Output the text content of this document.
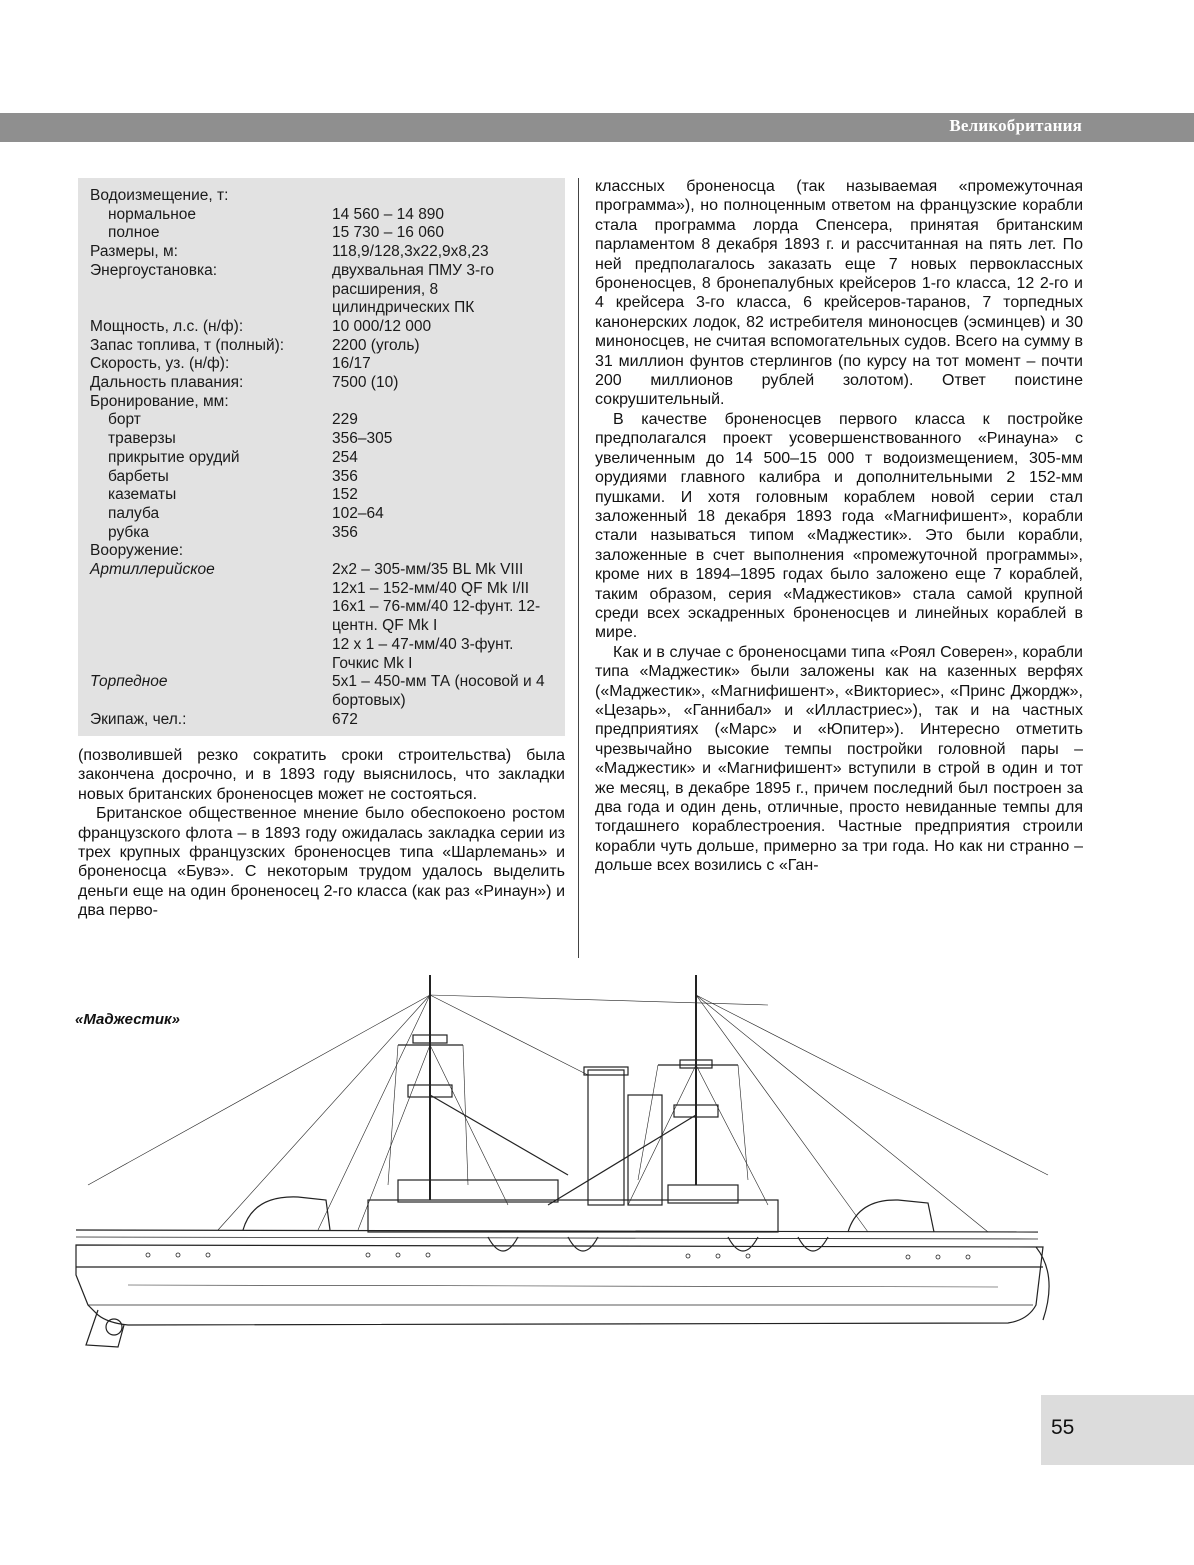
Великобритания
Водоизмещение, т:	
нормальное	14 560 – 14 890
полное	15 730 – 16 060
Размеры, м:	118,9/128,3х22,9х8,23
Энергоустановка:	двухвальная ПМУ 3-го
	расширения, 8
	цилиндрических ПК
Мощность, л.с. (н/ф):	10 000/12 000
Запас топлива, т (полный):	2200 (уголь)
Скорость, уз. (н/ф):	16/17
Дальность плавания:	7500 (10)
Бронирование, мм:	
борт	229
траверзы	356–305
прикрытие орудий	254
барбеты	356
казематы	152
палуба	102–64
рубка	356
Вооружение:	
Артиллерийское	2х2 – 305-мм/35 BL Mk VIII
	12х1 – 152-мм/40 QF Mk I/II
	16х1 – 76-мм/40 12-фунт. 12-
	центн. QF Mk I
	12 х 1 – 47-мм/40 3-фунт.
	Гочкис Mk I
Торпедное	5х1 – 450-мм ТА (носовой и 4
	бортовых)
Экипаж, чел.:	672

(позволившей резко сократить сроки строительства) была закончена досрочно, и в 1893 году выяснилось, что закладки новых британских броненосцев может не состояться.

Британское общественное мнение было обеспокоено ростом французского флота – в 1893 году ожидалась закладка серии из трех крупных французских броненосцев типа «Шарлемань» и броненосца «Бувэ». С некоторым трудом удалось выделить деньги еще на один броненосец 2-го класса (как раз «Ринаун») и два перво-

классных броненосца (так называемая «промежуточная программа»), но полноценным ответом на французские корабли стала программа лорда Спенсера, принятая британским парламентом 8 декабря 1893 г. и рассчитанная на пять лет. По ней предполагалось заказать еще 7 новых первоклассных броненосцев, 8 бронепалубных крейсеров 1-го класса, 12 2-го и 4 крейсера 3-го класса, 6 крейсеров-таранов, 7 торпедных канонерских лодок, 82 истребителя миноносцев (эсминцев) и 30 миноносцев, не считая вспомогательных судов. Всего на сумму в 31 миллион фунтов стерлингов (по курсу на тот момент – почти 200 миллионов рублей золотом). Ответ поистине сокрушительный.

В качестве броненосцев первого класса к постройке предполагался проект усовершенствованного «Ринауна» с увеличенным до 14 500–15 000 т водоизмещением, 305-мм орудиями главного калибра и дополнительными 2 152-мм пушками. И хотя головным кораблем новой серии стал заложенный 18 декабря 1893 года «Магнифишент», корабли стали называться типом «Маджестик». Это были корабли, заложенные в счет выполнения «промежуточной программы», кроме них в 1894–1895 годах было заложено еще 7 кораблей, таким образом, серия «Маджестиков» стала самой крупной среди всех эскадренных броненосцев и линейных кораблей в мире.

Как и в случае с броненосцами типа «Роял Соверен», корабли типа «Маджестик» были заложены как на казенных верфях («Маджестик», «Магнифишент», «Викториес», «Принс Джордж», «Цезарь», «Ганнибал» и «Илластриес»), так и на частных предприятиях («Марс» и «Юпитер»). Интересно отметить чрезвычайно высокие темпы постройки головной пары – «Маджестик» и «Магнифишент» вступили в строй в один и тот же месяц, в декабре 1895 г., причем последний был построен за два года и один день, отличные, просто невиданные темпы для тогдашнего кораблестроения. Частные предприятия строили корабли чуть дольше, примерно за три года. Но как ни странно – дольше всех возились с «Ган-

«Маджестик»
55
